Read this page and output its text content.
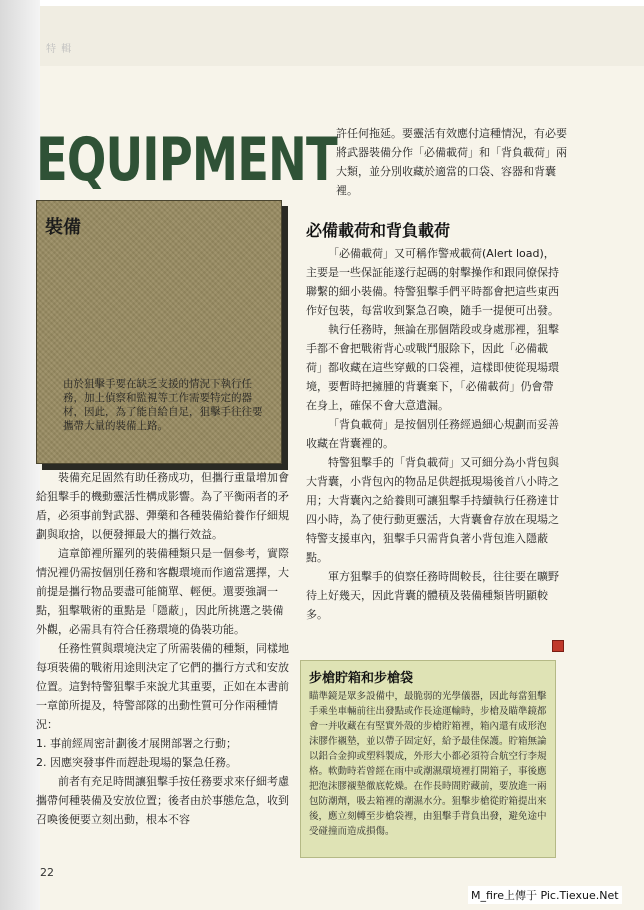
特 輯
EQUIPMENT 許任何拖延。要靈活有效應付這種情況，有必要將武器裝備分作「必備載荷」和「背負載荷」兩大類，並分別收藏於適當的口袋、容器和背囊裡。

裝備
由於狙擊手要在缺乏支援的情況下執行任務，加上偵察和監視等工作需要特定的器材，因此，為了能自給自足，狙擊手往往要攜帶大量的裝備上路。
必備載荷和背負載荷

「必備載荷」又可稱作警戒載荷(Alert load)，主要是一些保証能遂行起碼的射擊操作和跟同僚保持聯繫的細小裝備。特警狙擊手們平時都會把這些東西作好包裝，每當收到緊急召喚，隨手一提便可出發。

執行任務時，無論在那個階段或身處那裡，狙擊手都不會把戰術背心或戰鬥服除下，因此「必備載荷」都收藏在這些穿戴的口袋裡，這樣即使從現場環境，要暫時把擁腫的背囊棄下，「必備載荷」仍會帶在身上，確保不會大意遺漏。

「背負載荷」是按個別任務經過細心規劃而妥善收藏在背囊裡的。

特警狙擊手的「背負載荷」又可細分為小背包與大背囊，小背包內的物品足供趕抵現場後首八小時之用；大背囊內之給養則可讓狙擊手持續執行任務達廿四小時，為了使行動更靈活，大背囊會存放在現場之特警支援車內，狙擊手只需背負著小背包進入隱蔽點。

軍方狙擊手的偵察任務時間較長，往往要在曠野待上好幾天，因此背囊的體積及裝備種類皆明顯較多。

裝備充足固然有助任務成功，但攜行重量增加會給狙擊手的機動靈活性構成影響。為了平衡兩者的矛盾，必須事前對武器、彈藥和各種裝備給養作仔細規劃與取捨，以便發揮最大的攜行效益。

這章節裡所羅列的裝備種類只是一個參考，實際情況裡仍需按個別任務和客觀環境而作適當選擇，大前提是攜行物品要盡可能簡單、輕便。還要強調一點，狙擊戰術的重點是「隱蔽」，因此所挑選之裝備外觀，必需具有符合任務環境的偽裝功能。

任務性質與環境決定了所需裝備的種類，同樣地每項裝備的戰術用途則決定了它們的攜行方式和安放位置。這對特警狙擊手來說尤其重要，正如在本書前一章節所提及，特警部隊的出動性質可分作兩種情況：

1. 事前經周密計劃後才展開部署之行動；

2. 因應突發事件而趕赴現場的緊急任務。

前者有充足時間讓狙擊手按任務要求來仔細考慮攜帶何種裝備及安放位置；後者由於事態危急，收到召喚後便要立刻出動，根本不容

步槍貯箱和步槍袋
瞄準鏡是眾多設備中，最脆弱的光學儀器，因此每當狙擊手乘坐車輛前往出發點或作長途運輸時，步槍及瞄準鏡都會一并收藏在有堅實外殼的步槍貯箱裡，箱內還有成形泡沫膠作襯墊，並以帶子固定好，給予最佳保護。貯箱無論以鋁合金抑或塑料製成，外形大小都必須符合航空行李規格。軟動時若曾經在雨中或潮濕環境裡打開箱子，事後應把泡沫膠襯墊徹底乾燥。在作長時間貯藏前，要放進一兩包防潮劑，吸去箱裡的潮濕水分。狙擊步槍從貯箱提出來後，應立刻轉至步槍袋裡，由狙擊手背負出發，避免途中受碰撞而造成損傷。
22
M_fire上傳于 Pic.Tiexue.Net
